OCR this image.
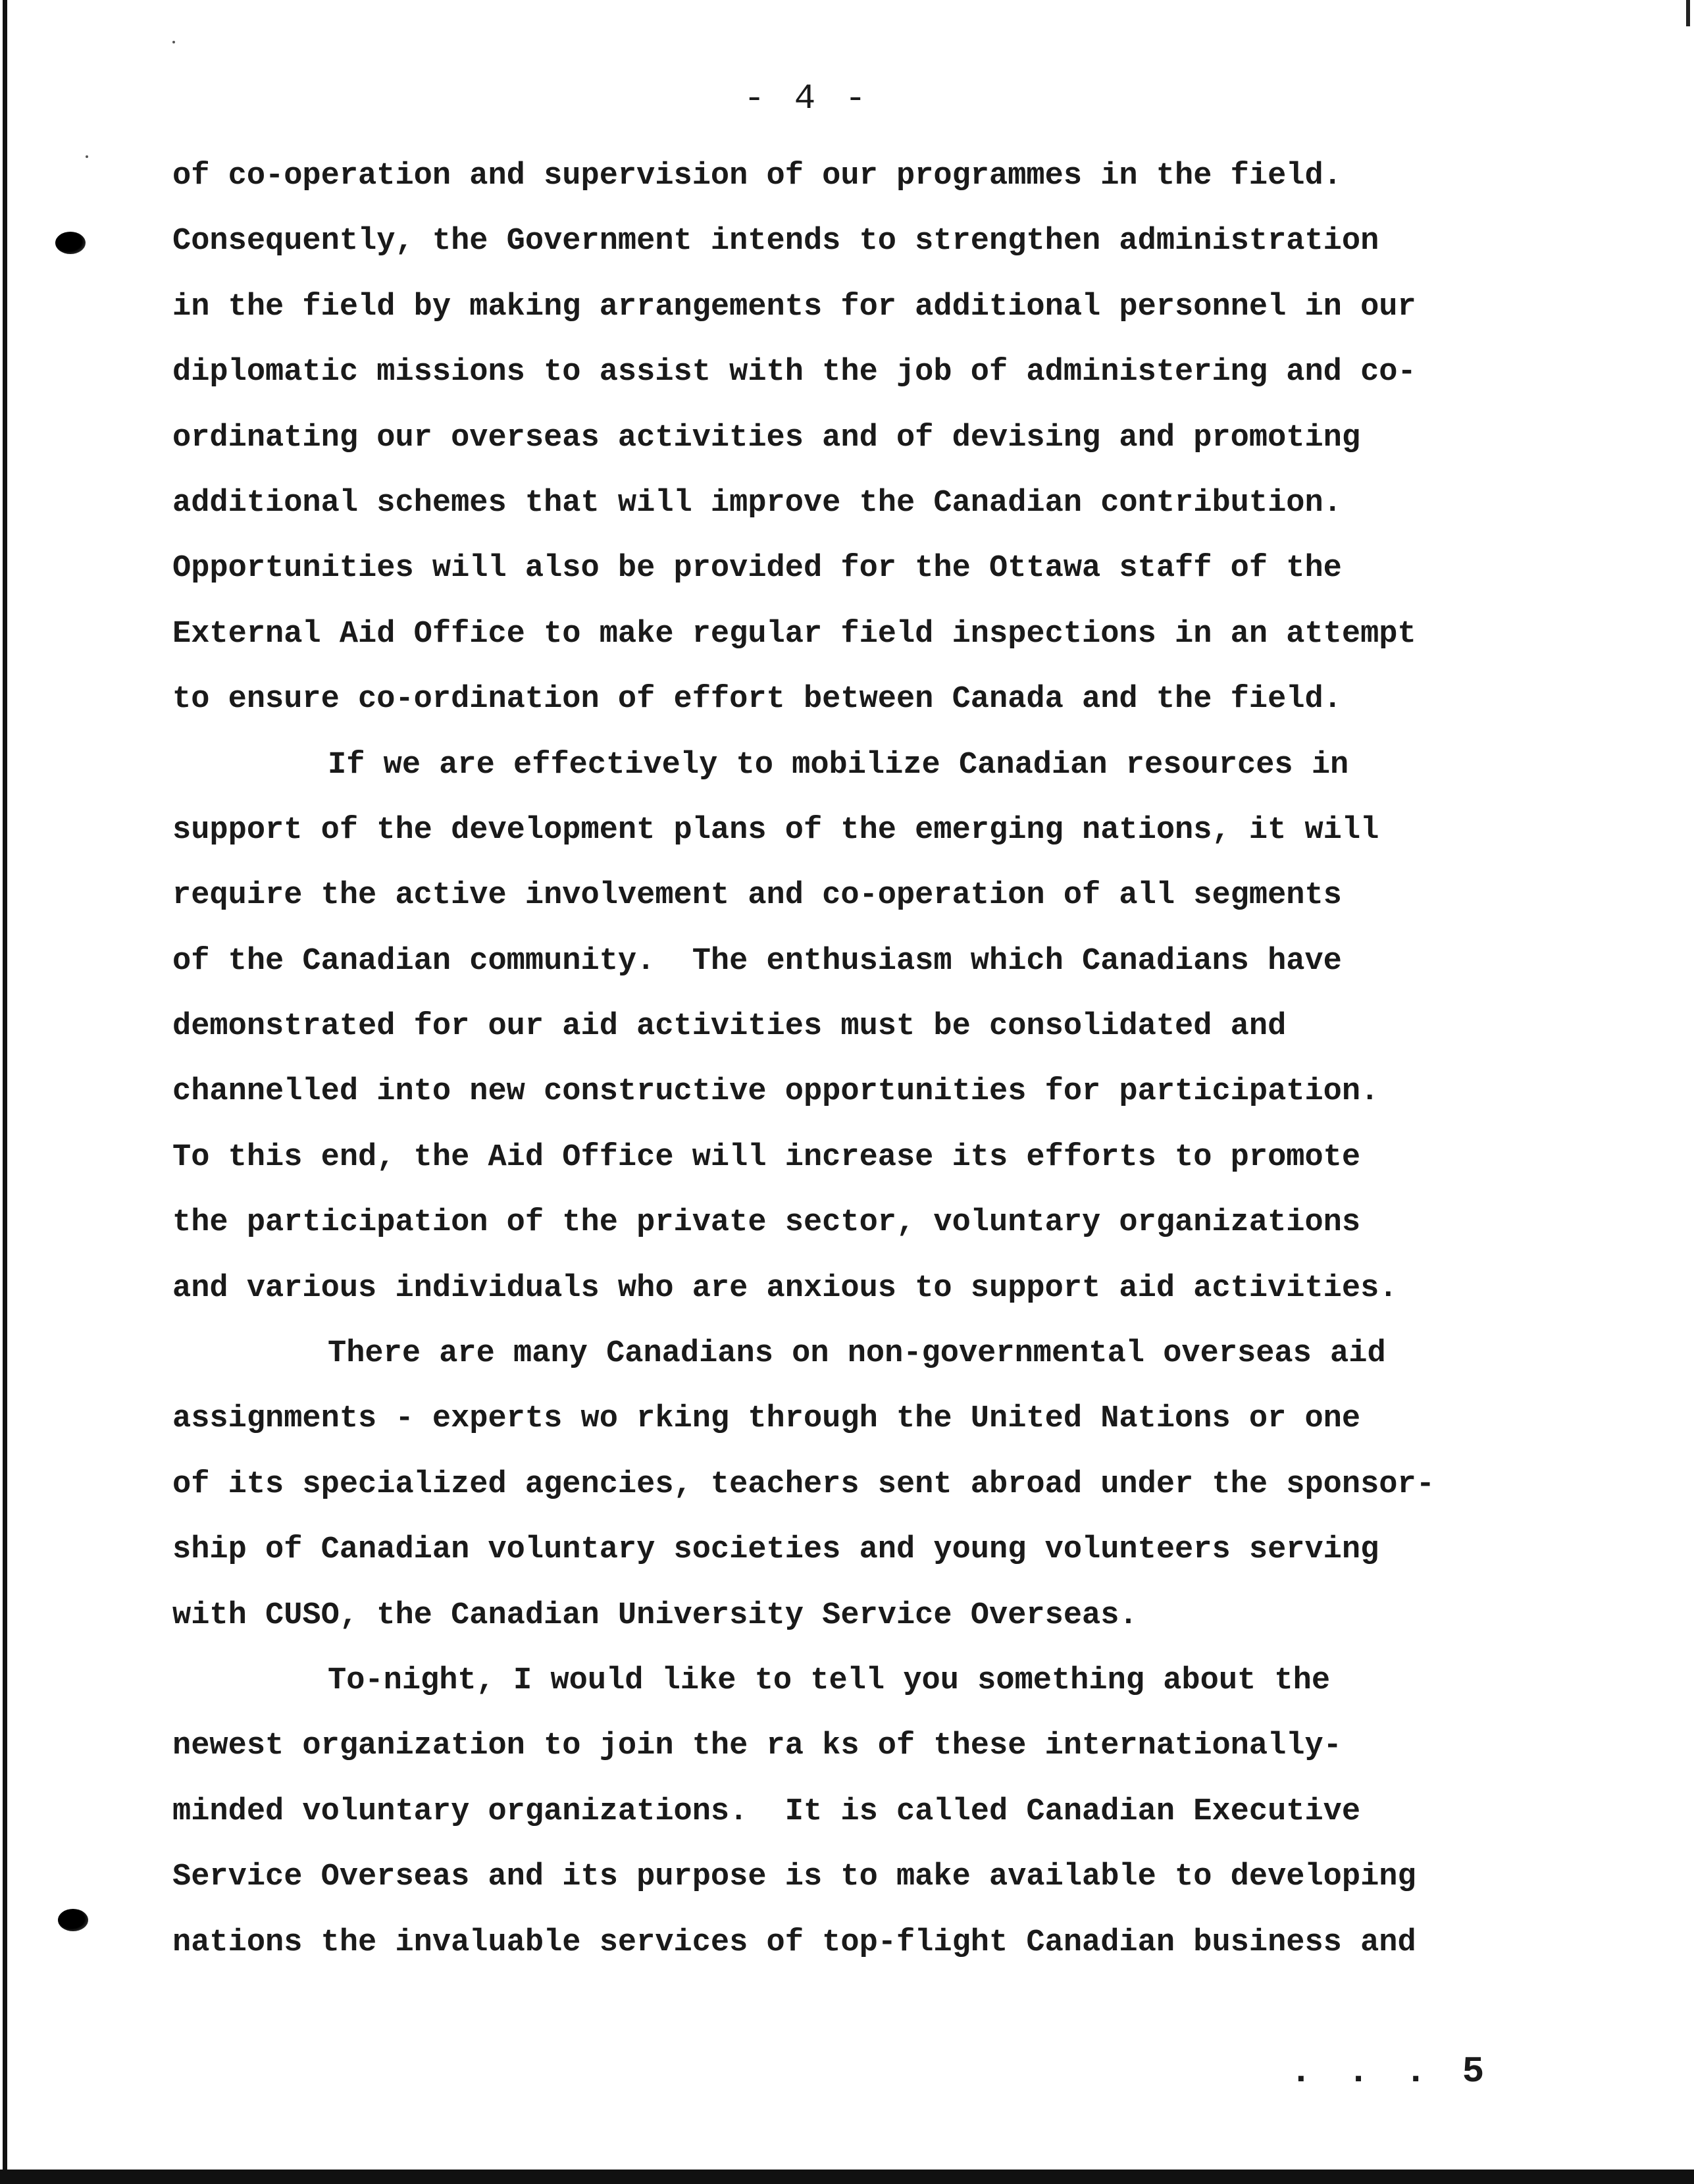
- 4 -
of co-operation and supervision of our programmes in the field.
Consequently, the Government intends to strengthen administration
in the field by making arrangements for additional personnel in our
diplomatic missions to assist with the job of administering and co-
ordinating our overseas activities and of devising and promoting
additional schemes that will improve the Canadian contribution.
Opportunities will also be provided for the Ottawa staff of the
External Aid Office to make regular field inspections in an attempt
to ensure co-ordination of effort between Canada and the field.
If we are effectively to mobilize Canadian resources in
support of the development plans of the emerging nations, it will
require the active involvement and co-operation of all segments
of the Canadian community.  The enthusiasm which Canadians have
demonstrated for our aid activities must be consolidated and
channelled into new constructive opportunities for participation.
To this end, the Aid Office will increase its efforts to promote
the participation of the private sector, voluntary organizations
and various individuals who are anxious to support aid activities.
There are many Canadians on non-governmental overseas aid
assignments - experts wo rking through the United Nations or one
of its specialized agencies, teachers sent abroad under the sponsor-
ship of Canadian voluntary societies and young volunteers serving
with CUSO, the Canadian University Service Overseas.
To-night, I would like to tell you something about the
newest organization to join the ra ks of these internationally-
minded voluntary organizations.  It is called Canadian Executive
Service Overseas and its purpose is to make available to developing
nations the invaluable services of top-flight Canadian business and
. . . 5
